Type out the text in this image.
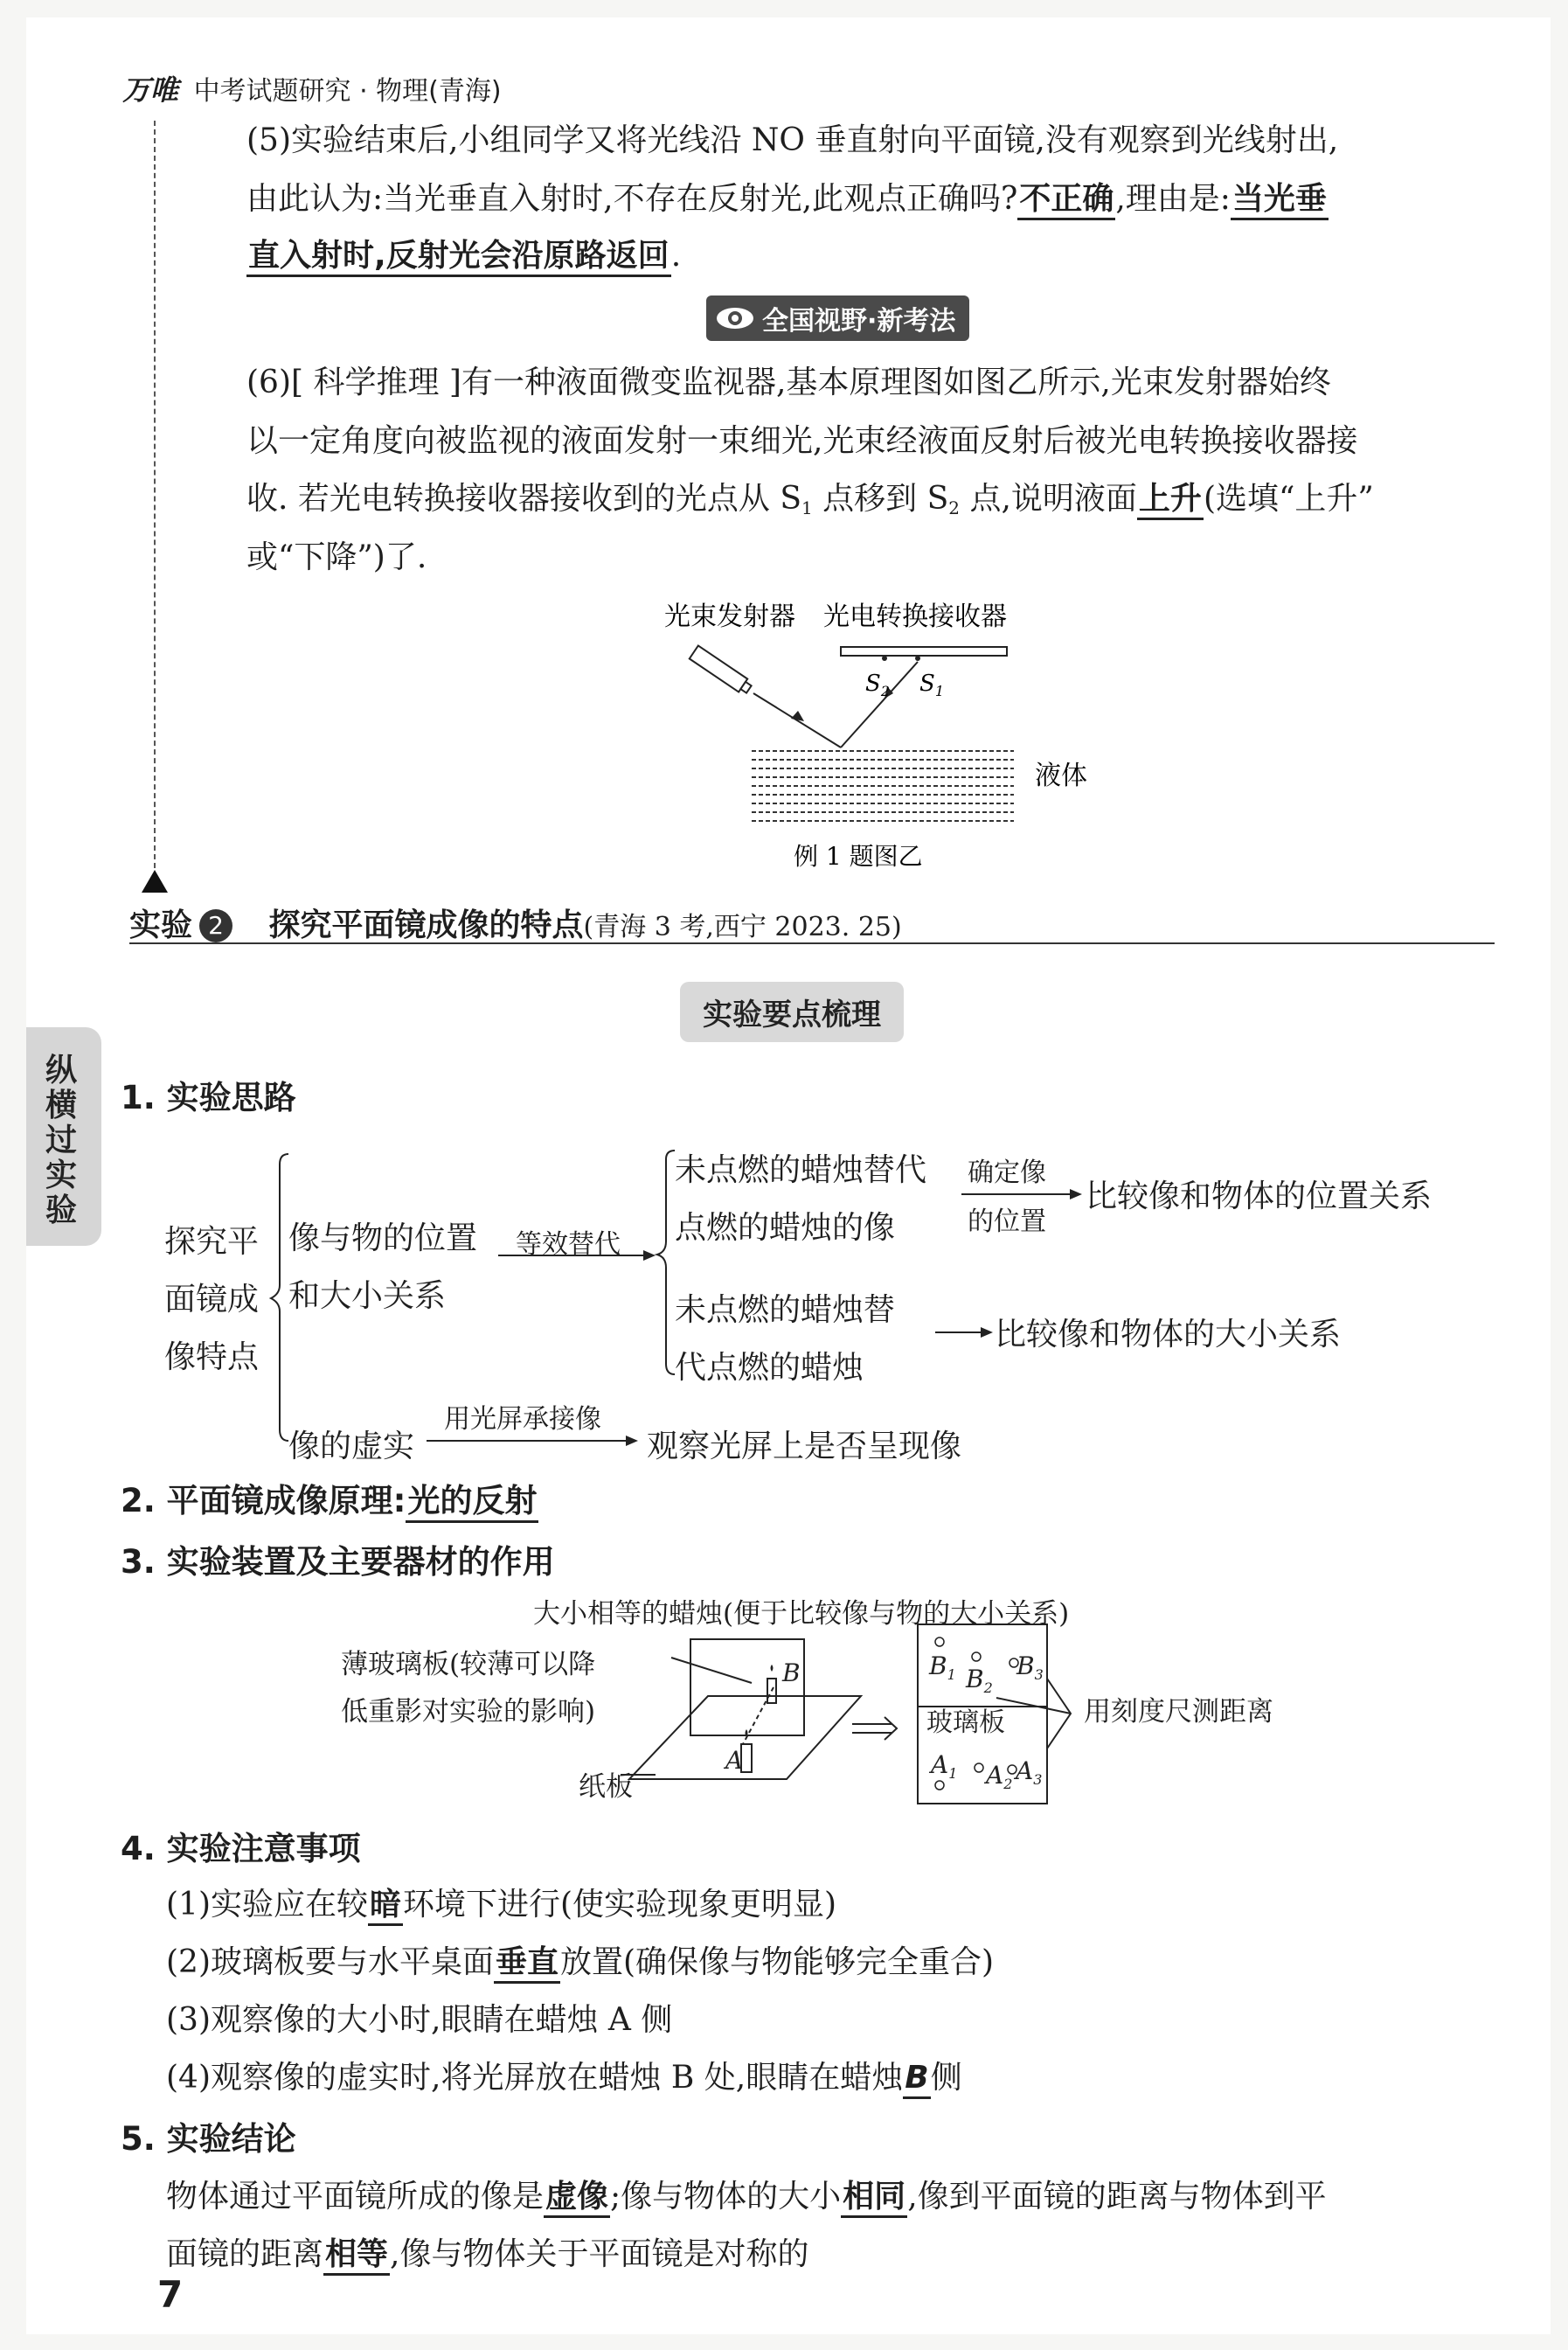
万唯 中考试题研究 · 物理(青海)
(5)实验结束后,小组同学又将光线沿 NO 垂直射向平面镜,没有观察到光线射出,
由此认为:当光垂直入射时,不存在反射光,此观点正确吗?不正确,理由是:当光垂
直入射时,反射光会沿原路返回.
全国视野·新考法
(6)[ 科学推理 ]有一种液面微变监视器,基本原理图如图乙所示,光束发射器始终
以一定角度向被监视的液面发射一束细光,光束经液面反射后被光电转换接收器接
收. 若光电转换接收器接收到的光点从 $S_1$ 点移到 $S_2$ 点,说明液面上升(选填“上升”
或“下降”)了.
光束发射器 光电转换接收器
$S_2$ $S_1$
液体
例 1 题图乙
实验 2 探究平面镜成像的特点(青海 3 考,西宁 2023. 25)
实验要点梳理
纵横过实验
1. 实验思路
探究平
面镜成
像特点
像与物的位置
和大小关系
等效替代
未点燃的蜡烛替代
点燃的蜡烛的像
确定像
的位置
比较像和物体的位置关系
未点燃的蜡烛替
代点燃的蜡烛
比较像和物体的大小关系
像的虚实
用光屏承接像
观察光屏上是否呈现像
2. 平面镜成像原理:光的反射
3. 实验装置及主要器材的作用
大小相等的蜡烛(便于比较像与物的大小关系)
薄玻璃板(较薄可以降
低重影对实验的影响)
纸板
A
B	$B_1$ $B_2$
$B_3$
$A_1$ $A_2$ $A_3$
玻璃板	用刻度尺测距离
4. 实验注意事项
(1)实验应在较暗环境下进行(使实验现象更明显)
(2)玻璃板要与水平桌面垂直放置(确保像与物能够完全重合)
(3)观察像的大小时,眼睛在蜡烛 A 侧
(4)观察像的虚实时,将光屏放在蜡烛 B 处,眼睛在蜡烛B侧
5. 实验结论
物体通过平面镜所成的像是虚像;像与物体的大小相同,像到平面镜的距离与物体到平
面镜的距离相等,像与物体关于平面镜是对称的
7
